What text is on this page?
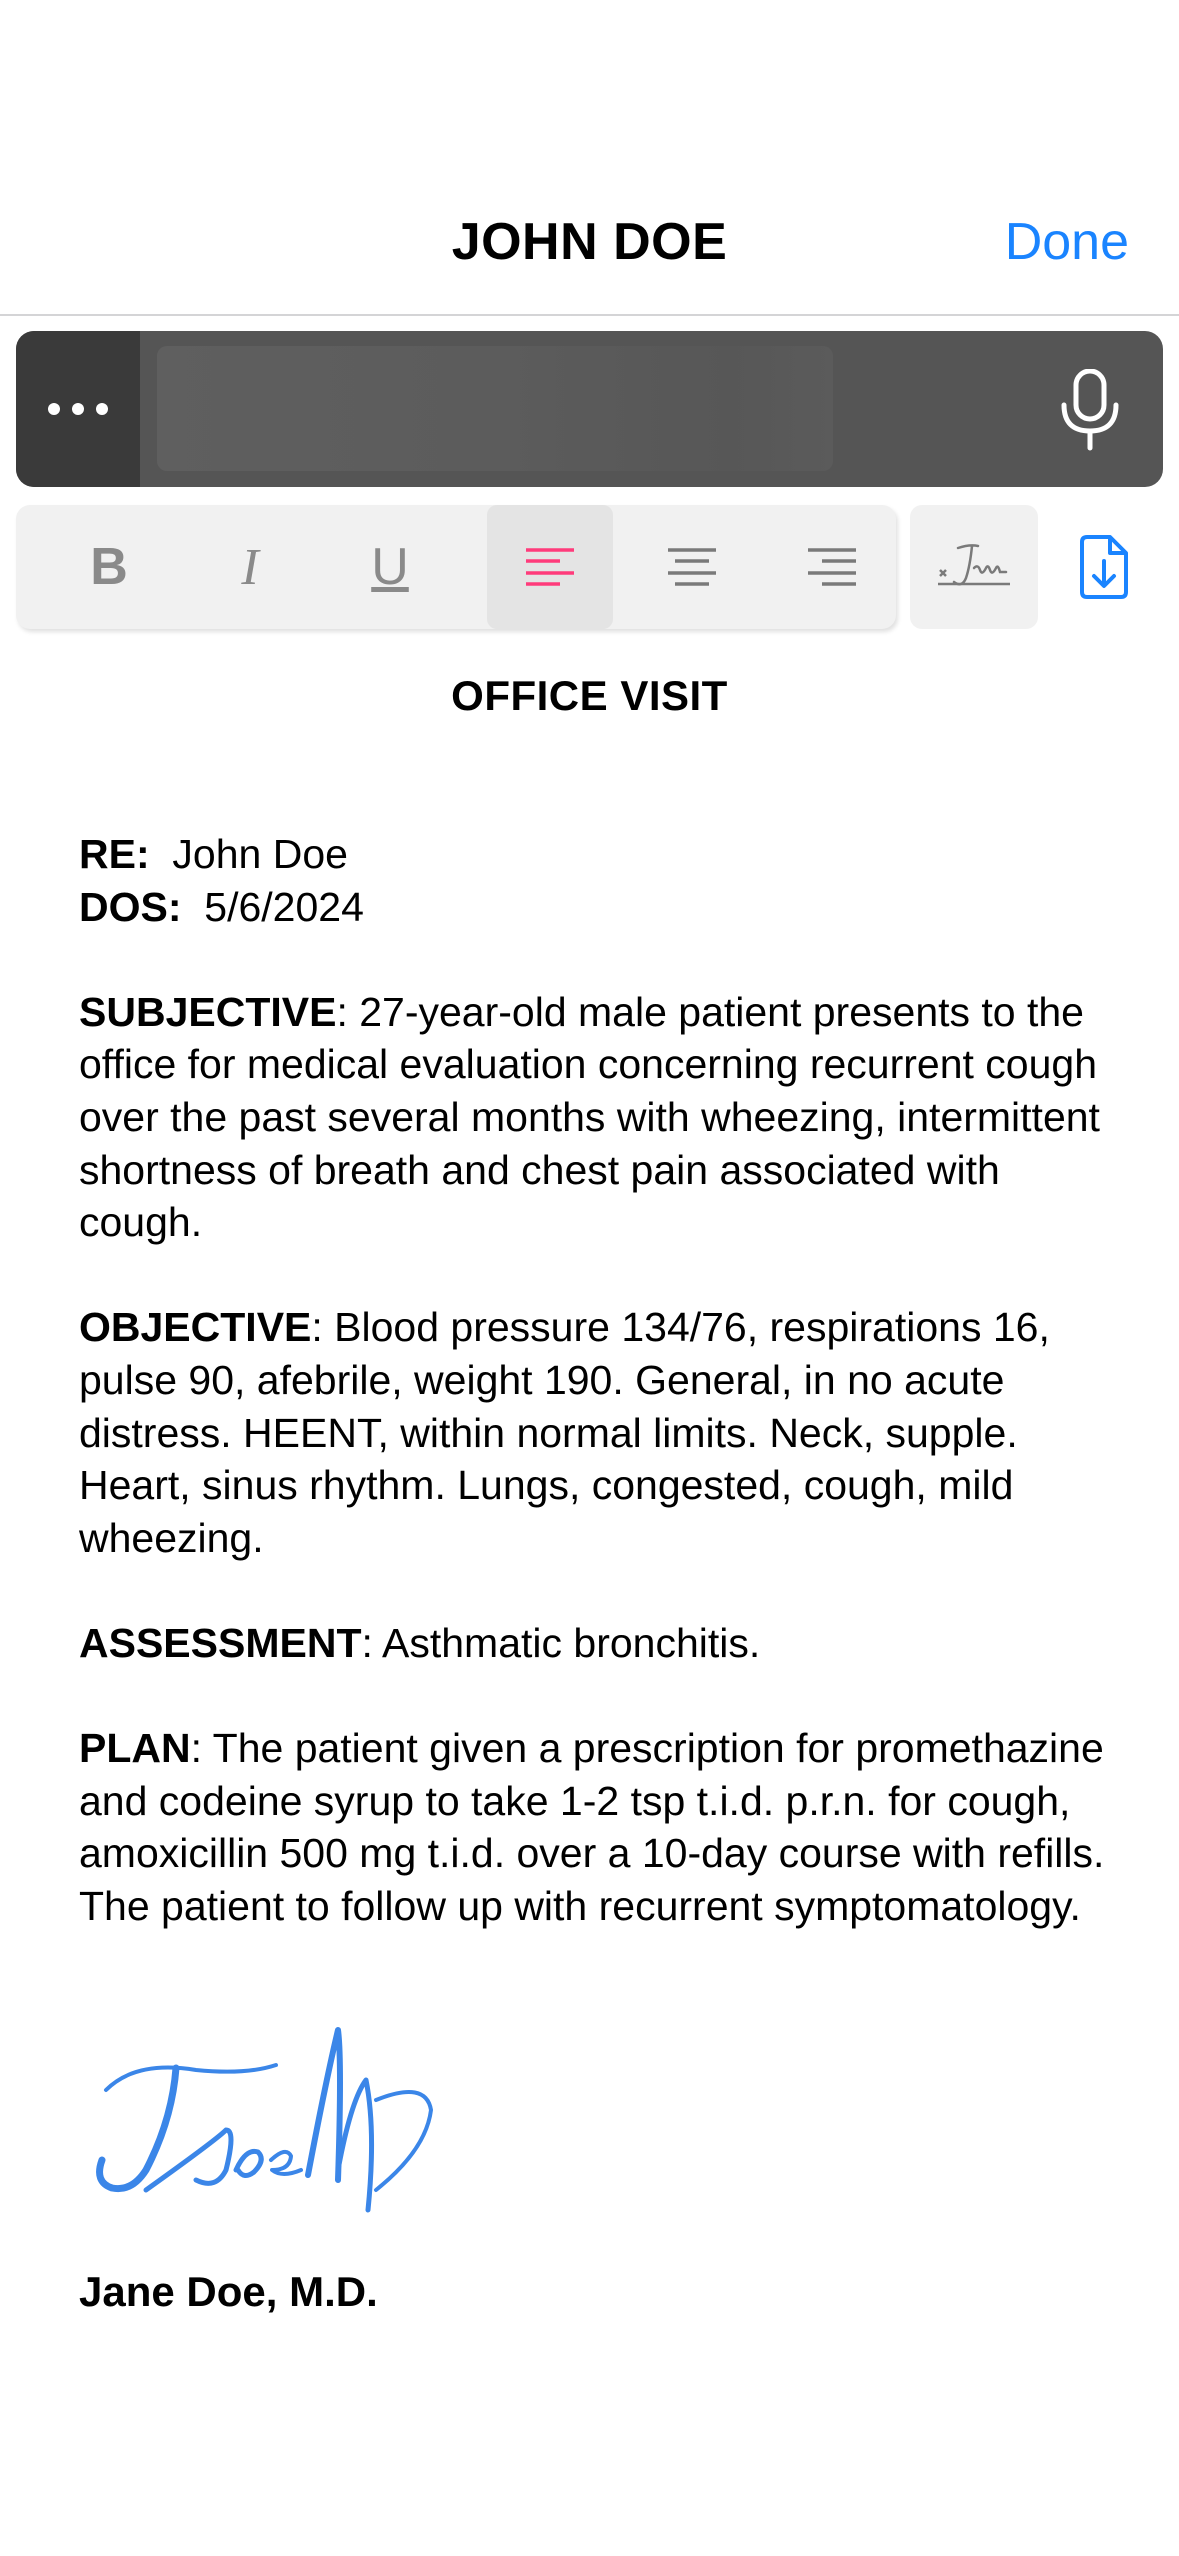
JOHN DOE	Done
B I U
OFFICE VISIT

RE: John Doe

DOS: 5/6/2024

SUBJECTIVE: 27-year-old male patient presents to the office for medical evaluation concerning recurrent cough over the past several months with wheezing, intermittent shortness of breath and chest pain associated with cough.

OBJECTIVE: Blood pressure 134/76, respirations 16, pulse 90, afebrile, weight 190. General, in no acute distress. HEENT, within normal limits. Neck, supple. Heart, sinus rhythm. Lungs, congested, cough, mild wheezing.

ASSESSMENT: Asthmatic bronchitis.

PLAN: The patient given a prescription for promethazine and codeine syrup to take 1-2 tsp t.i.d. p.r.n. for cough, amoxicillin 500 mg t.i.d. over a 10-day course with refills. The patient to follow up with recurrent symptomatology.

Jane Doe, M.D.
